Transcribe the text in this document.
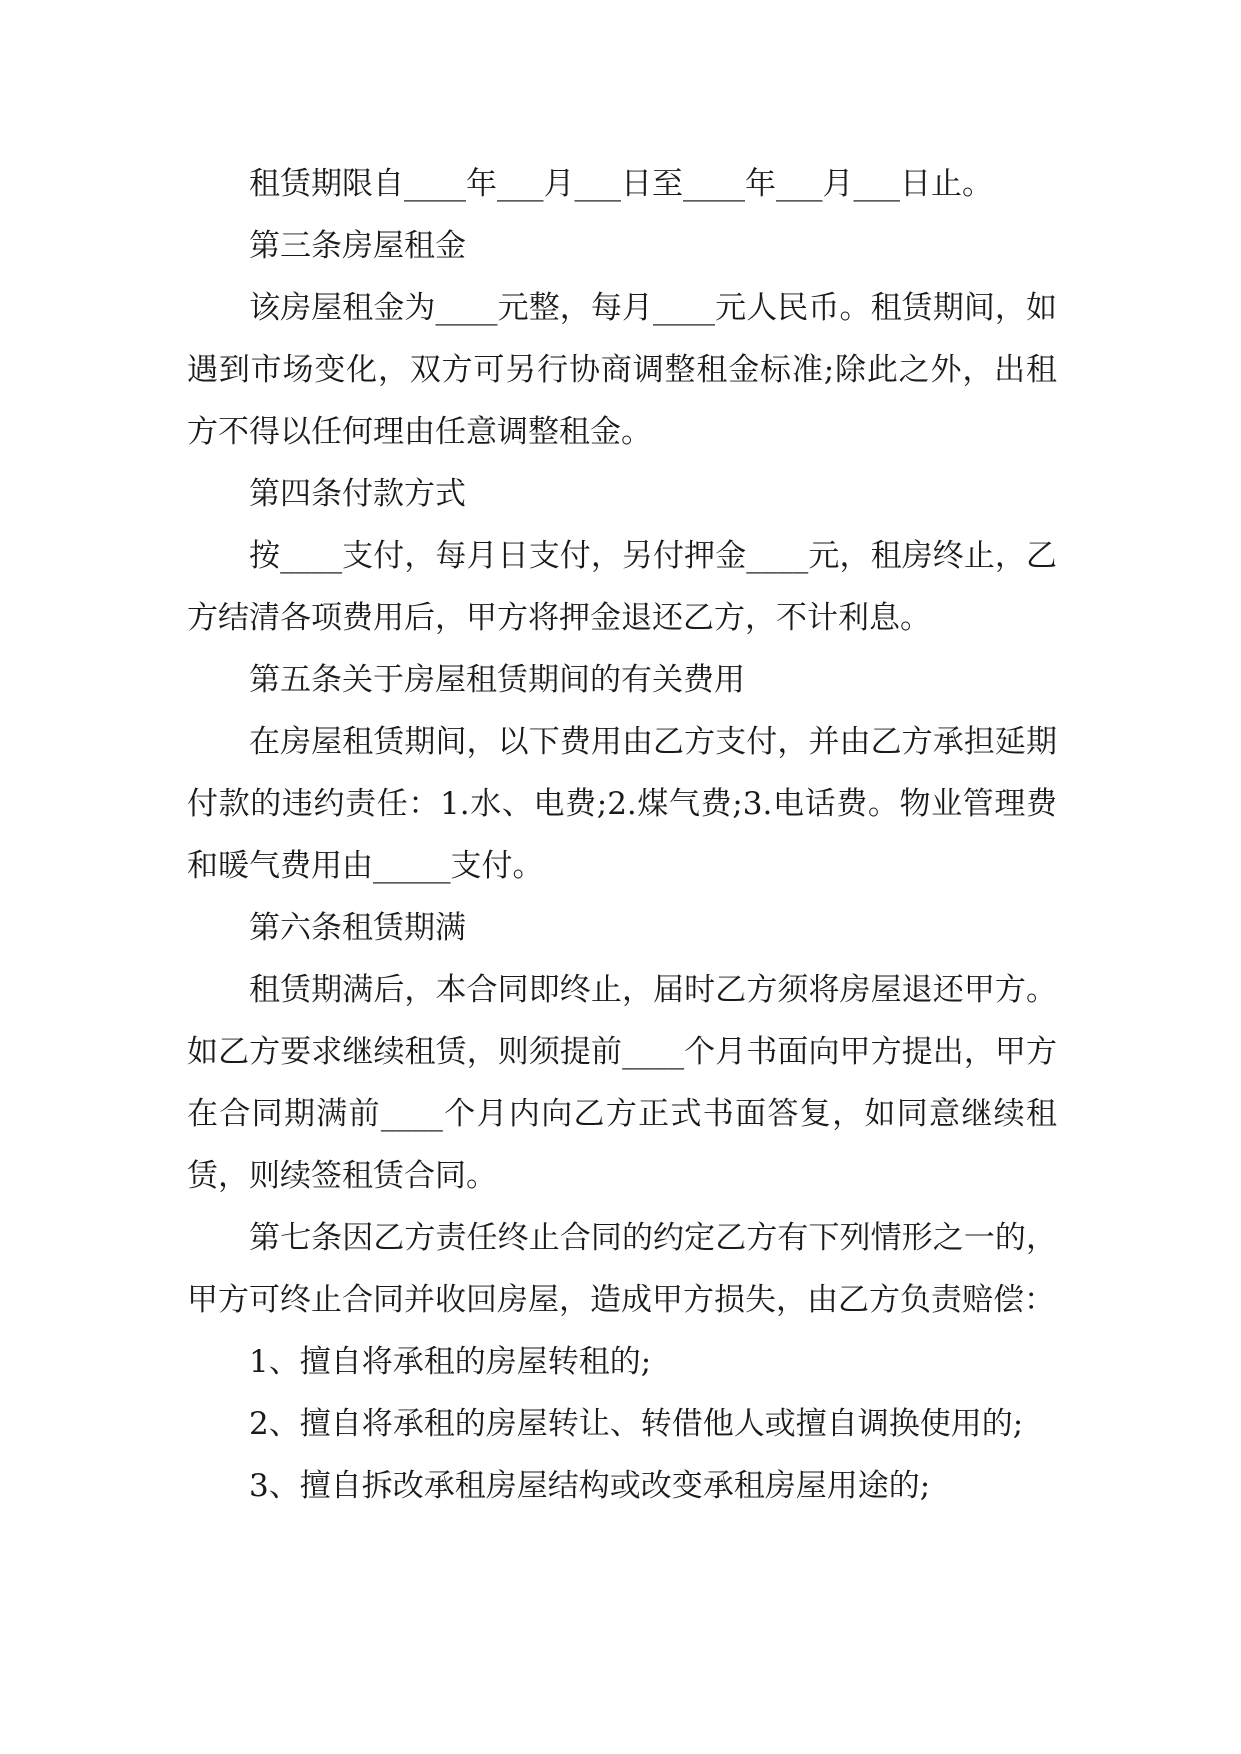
租赁期限自____年___月___日至____年___月___日止。

第三条房屋租金

该房屋租金为____元整，每月____元人民币。租赁期间，如遇到市场变化，双方可另行协商调整租金标准;除此之外，出租方不得以任何理由任意调整租金。

第四条付款方式

按____支付，每月日支付，另付押金____元，租房终止，乙方结清各项费用后，甲方将押金退还乙方，不计利息。

第五条关于房屋租赁期间的有关费用

在房屋租赁期间，以下费用由乙方支付，并由乙方承担延期付款的违约责任：1.水、电费;2.煤气费;3.电话费。物业管理费和暖气费用由_____支付。

第六条租赁期满

租赁期满后，本合同即终止，届时乙方须将房屋退还甲方。如乙方要求继续租赁，则须提前____个月书面向甲方提出，甲方在合同期满前____个月内向乙方正式书面答复，如同意继续租赁，则续签租赁合同。

第七条因乙方责任终止合同的约定乙方有下列情形之一的，甲方可终止合同并收回房屋，造成甲方损失，由乙方负责赔偿：

1、擅自将承租的房屋转租的;

2、擅自将承租的房屋转让、转借他人或擅自调换使用的;

3、擅自拆改承租房屋结构或改变承租房屋用途的;
